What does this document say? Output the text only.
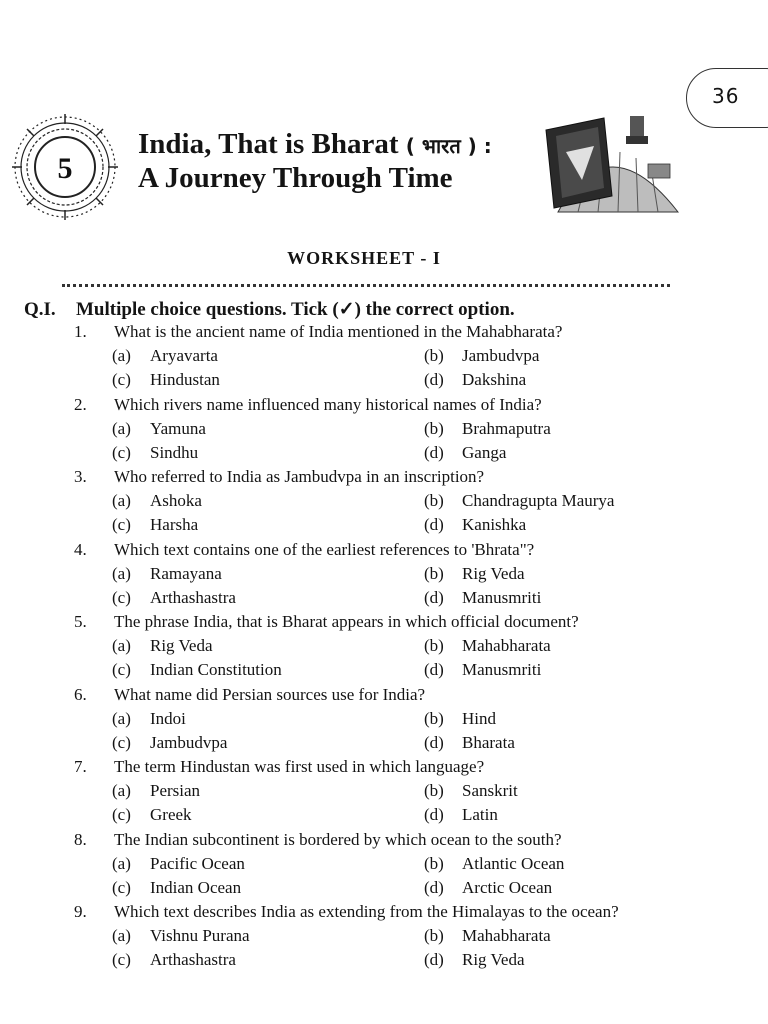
36
5
India, That is Bharat ( भारत ) :
A Journey Through Time
WORKSHEET - I
Q.I. Multiple choice questions. Tick (✓) the correct option.
1. What is the ancient name of India mentioned in the Mahabharata?
(a) Aryavarta	(b) Jambudvpa
(c) Hindustan	(d) Dakshina
2. Which rivers name influenced many historical names of India?
(a) Yamuna	(b) Brahmaputra
(c) Sindhu	(d) Ganga
3. Who referred to India as Jambudvpa in an inscription?
(a) Ashoka	(b) Chandragupta Maurya
(c) Harsha	(d) Kanishka
4. Which text contains one of the earliest references to 'Bhrata"?
(a) Ramayana	(b) Rig Veda
(c) Arthashastra	(d) Manusmriti
5. The phrase India, that is Bharat appears in which official document?
(a) Rig Veda	(b) Mahabharata
(c) Indian Constitution	(d) Manusmriti
6. What name did Persian sources use for India?
(a) Indoi	(b) Hind
(c) Jambudvpa	(d) Bharata
7. The term Hindustan was first used in which language?
(a) Persian	(b) Sanskrit
(c) Greek	(d) Latin
8. The Indian subcontinent is bordered by which ocean to the south?
(a) Pacific Ocean	(b) Atlantic Ocean
(c) Indian Ocean	(d) Arctic Ocean
9. Which text describes India as extending from the Himalayas to the ocean?
(a) Vishnu Purana	(b) Mahabharata
(c) Arthashastra	(d) Rig Veda
